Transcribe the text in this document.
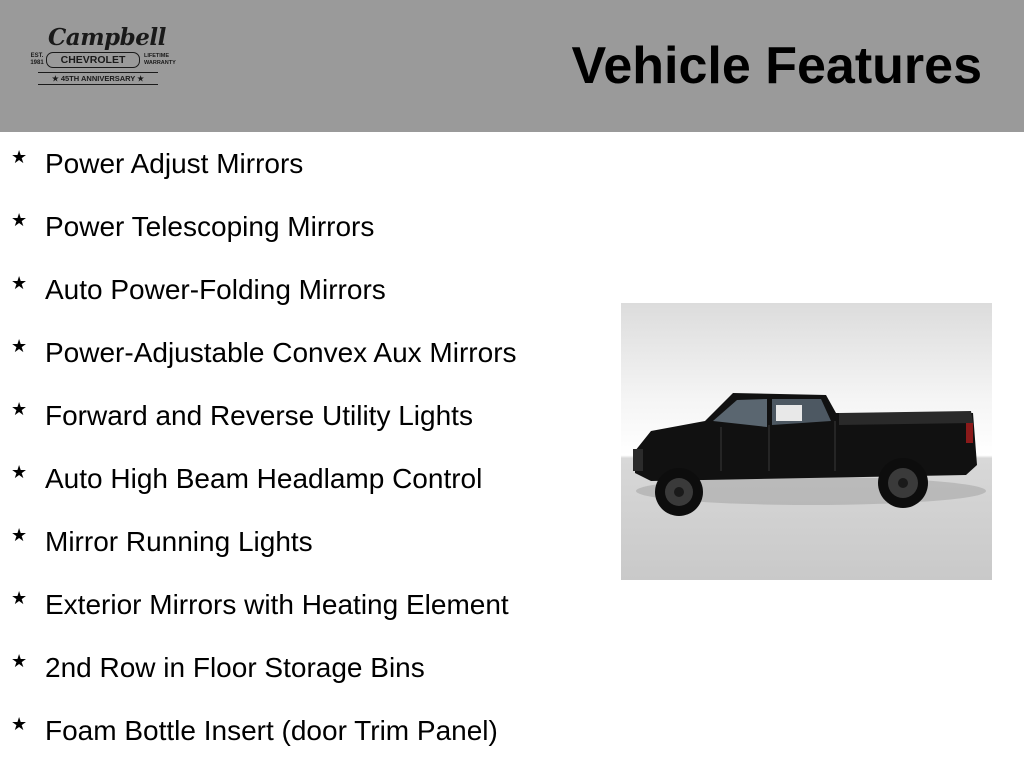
Campbell
EST. 1981	CHEVROLET	LIFETIME WARRANTY
★ 45TH ANNIVERSARY ★	Vehicle Features
★ Power Adjust Mirrors
★ Power Telescoping Mirrors
★ Auto Power-Folding Mirrors
★ Power-Adjustable Convex Aux Mirrors
★ Forward and Reverse Utility Lights
★ Auto High Beam Headlamp Control
★ Mirror Running Lights
★ Exterior Mirrors with Heating Element
★ 2nd Row in Floor Storage Bins
★ Foam Bottle Insert (door Trim Panel)
